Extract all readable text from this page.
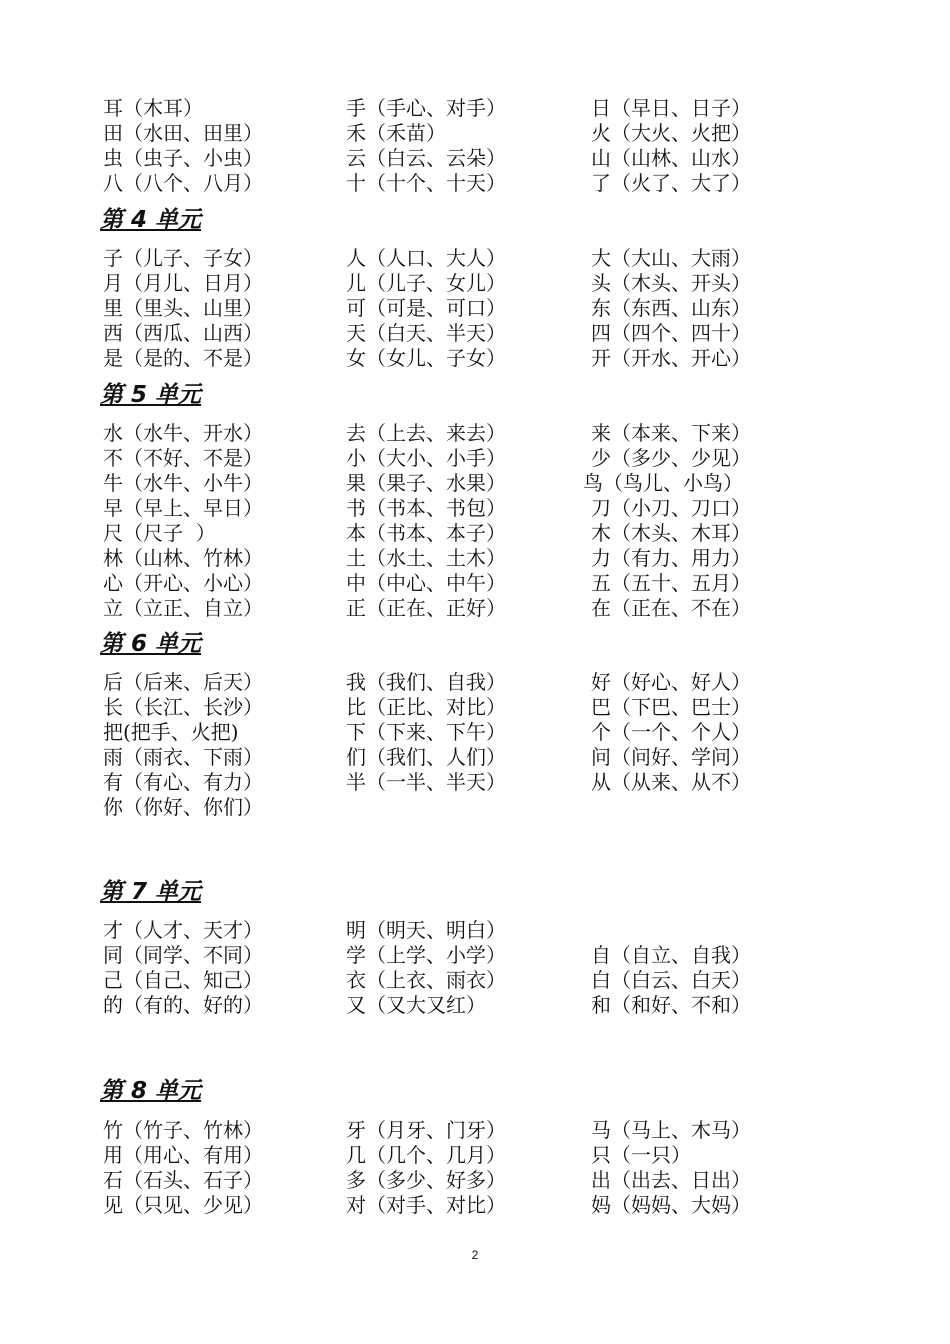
耳（木耳）	手（手心、对手）	日（早日、日子）
田（水田、田里）	禾（禾苗）	火（大火、火把）
虫（虫子、小虫）	云（白云、云朵）	山（山林、山水）
八（八个、八月）	十（十个、十天）	了（火了、大了）
第 4 单元
子（儿子、子女）	人（人口、大人）	大（大山、大雨）
月（月儿、日月）	儿（儿子、女儿）	头（木头、开头）
里（里头、山里）	可（可是、可口）	东（东西、山东）
西（西瓜、山西）	天（白天、半天）	四（四个、四十）
是（是的、不是）	女（女儿、子女）	开（开水、开心）
第 5 单元
水（水牛、开水）	去（上去、来去）	来（本来、下来）
不（不好、不是）	小（大小、小手）	少（多少、少见）
牛（水牛、小牛）	果（果子、水果）	鸟（鸟儿、小鸟）
早（早上、早日）	书（书本、书包）	刀（小刀、刀口）
尺（尺子  ）	本（书本、本子）	木（木头、木耳）
林（山林、竹林）	土（水土、土木）	力（有力、用力）
心（开心、小心）	中（中心、中午）	五（五十、五月）
立（立正、自立）	正（正在、正好）	在（正在、不在）
第 6 单元
后（后来、后天）	我（我们、自我）	好（好心、好人）
长（长江、长沙）	比（正比、对比）	巴（下巴、巴士）
把(把手、火把)	下（下来、下午）	个（一个、个人）
雨（雨衣、下雨）	们（我们、人们）	问（问好、学问）
有（有心、有力）	半（一半、半天）	从（从来、从不）
你（你好、你们）
第 7 单元
才（人才、天才）	明（明天、明白）
同（同学、不同）	学（上学、小学）	自（自立、自我）
己（自己、知己）	衣（上衣、雨衣）	白（白云、白天）
的（有的、好的）	又（又大又红）	和（和好、不和）
第 8 单元
竹（竹子、竹林）	牙（月牙、门牙）	马（马上、木马）
用（用心、有用）	几（几个、几月）	只（一只）
石（石头、石子）	多（多少、好多）	出（出去、日出）
见（只见、少见）	对（对手、对比）	妈（妈妈、大妈）
2
